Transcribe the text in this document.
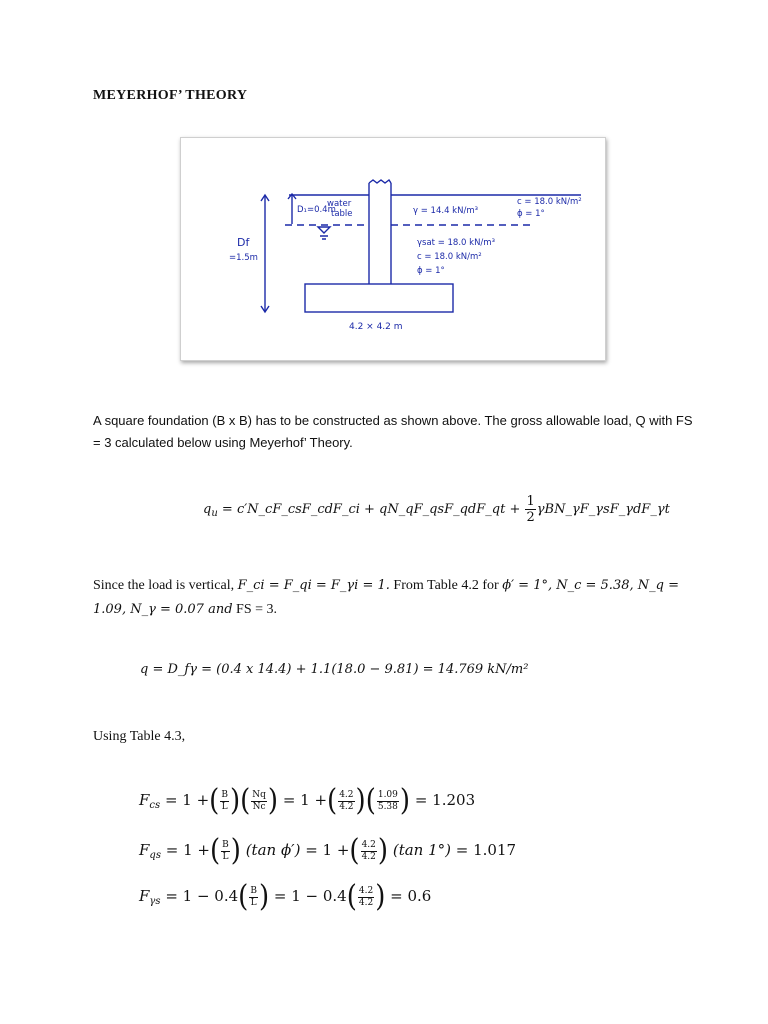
MEYERHOF’ THEORY
D₁=0.4m
water
table	γ = 14.4 kN/m³
c = 18.0 kN/m²
ϕ = 1°
γsat = 18.0 kN/m³
c = 18.0 kN/m²
ϕ = 1°
Df
=1.5m
4.2 × 4.2 m
A square foundation (B x B) has to be constructed as shown above. The gross allowable load, Q with FS = 3 calculated below using Meyerhof’ Theory.
$q_u$ = c′N_cF_csF_cdF_ci + qN_qF_qsF_qdF_qt + $\frac{1}{2}$ γBN_γF_γsF_γdF_γt
Since the load is vertical, F_ci = F_qi = F_γi = 1. From Table 4.2 for ϕ′ = 1°, N_c = 5.38, N_q = 1.09, N_γ = 0.07 and FS = 3.
q = D_fγ = (0.4 x 14.4) + 1.1(18.0 − 9.81) = 14.769 kN/m²
Using Table 4.3,
$F_{cs} = 1$ +( $\frac{B}{L}$ )( $\frac{Nq}{Nc}$ ) = 1 +( $\frac{4.2}{4.2}$ )( $\frac{1.09}{5.38}$ ) = 1.203
$F_{qs} = 1$ +( $\frac{B}{L}$ ) (tan ϕ′) = 1 +( $\frac{4.2}{4.2}$ ) (tan 1°) = 1.017
$F_{\gamma s} = 1 - 0.4( \frac{B}{L}$ ) = $1 - 0.4( \frac{4.2}{4.2}$ ) = 0.6
